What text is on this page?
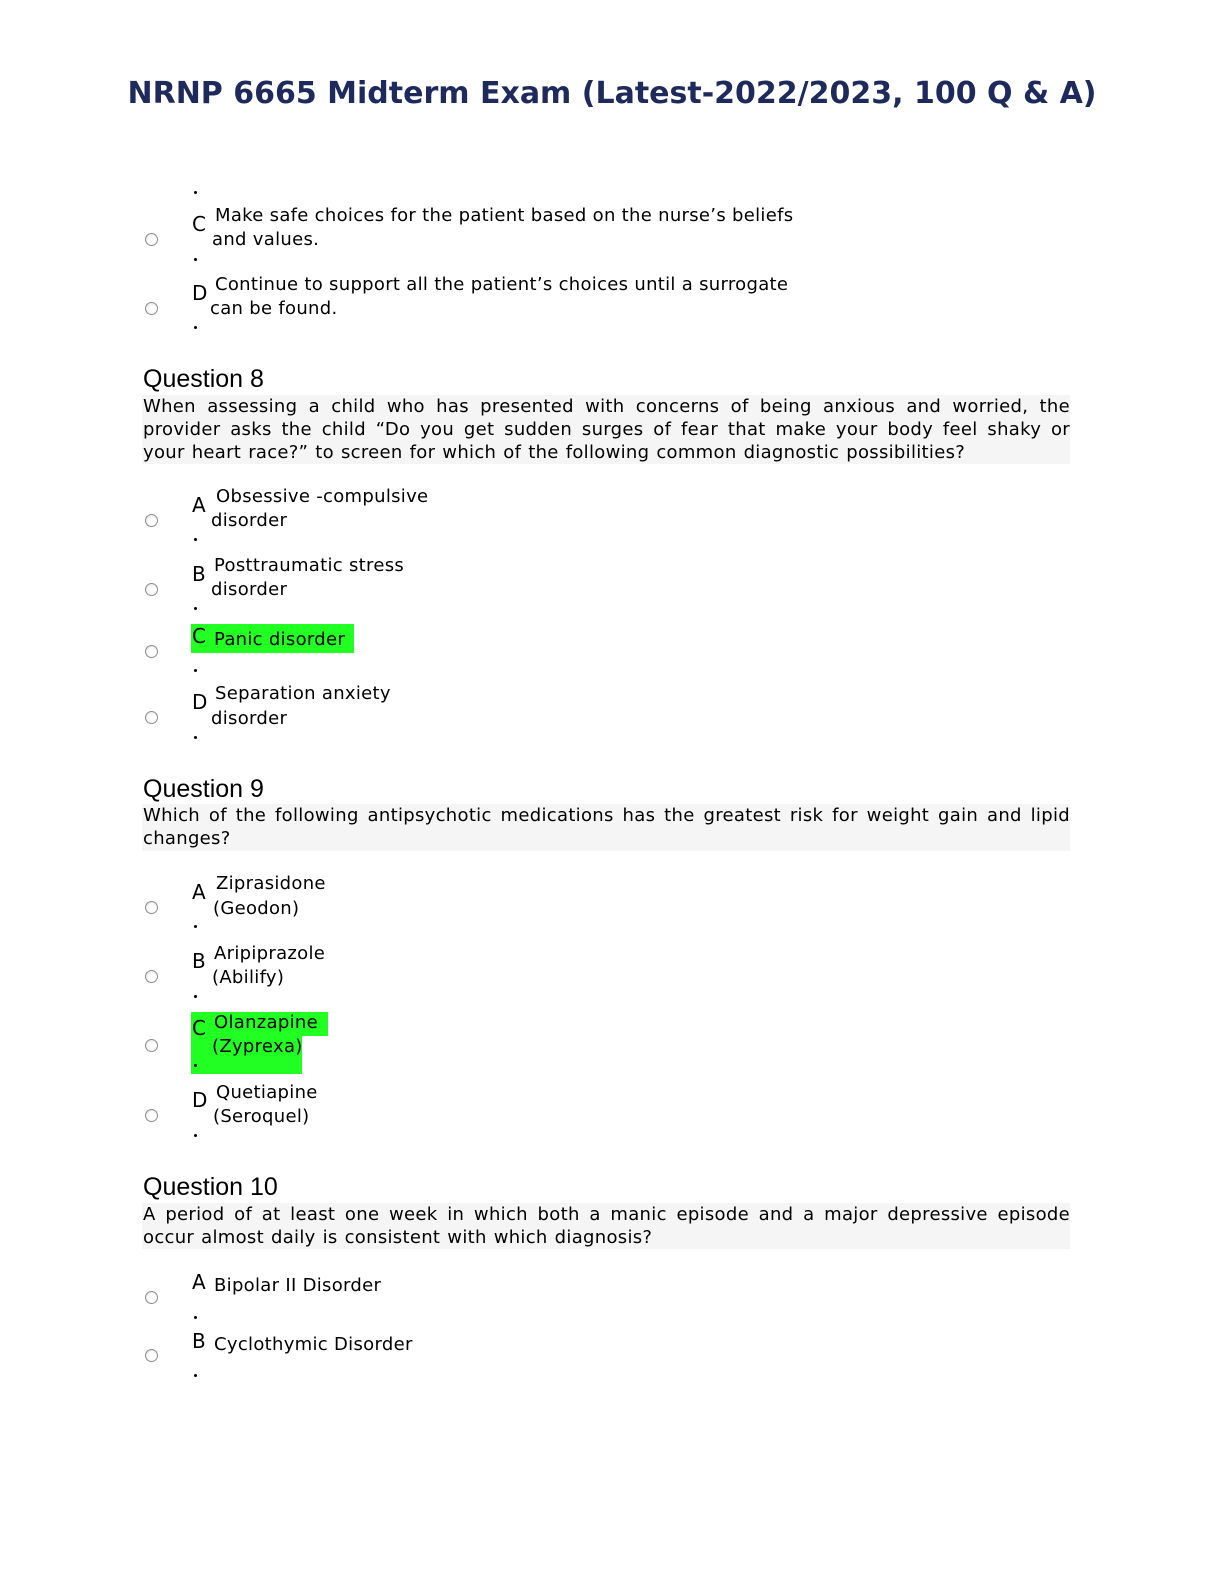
NRNP 6665 Midterm Exam (Latest-2022/2023, 100 Q & A)
C Make safe choices for the patient based on the nurse’s beliefs
and values.
D Continue to support all the patient’s choices until a surrogate
can be found.
Question 8
When assessing a child who has presented with concerns of being anxious and worried, the provider asks the child “Do you get sudden surges of fear that make your body feel shaky or your heart race?” to screen for which of the following common diagnostic possibilities?
A Obsessive -compulsive
disorder
B Posttraumatic stress
disorder
C Panic disorder
D Separation anxiety
disorder
Question 9
Which of the following antipsychotic medications has the greatest risk for weight gain and lipid changes?
A Ziprasidone
(Geodon)
B Aripiprazole
(Abilify)
C Olanzapine
(Zyprexa)
D Quetiapine
(Seroquel)
Question 10
A period of at least one week in which both a manic episode and a major depressive episode occur almost daily is consistent with which diagnosis?
A Bipolar II Disorder
B Cyclothymic Disorder
